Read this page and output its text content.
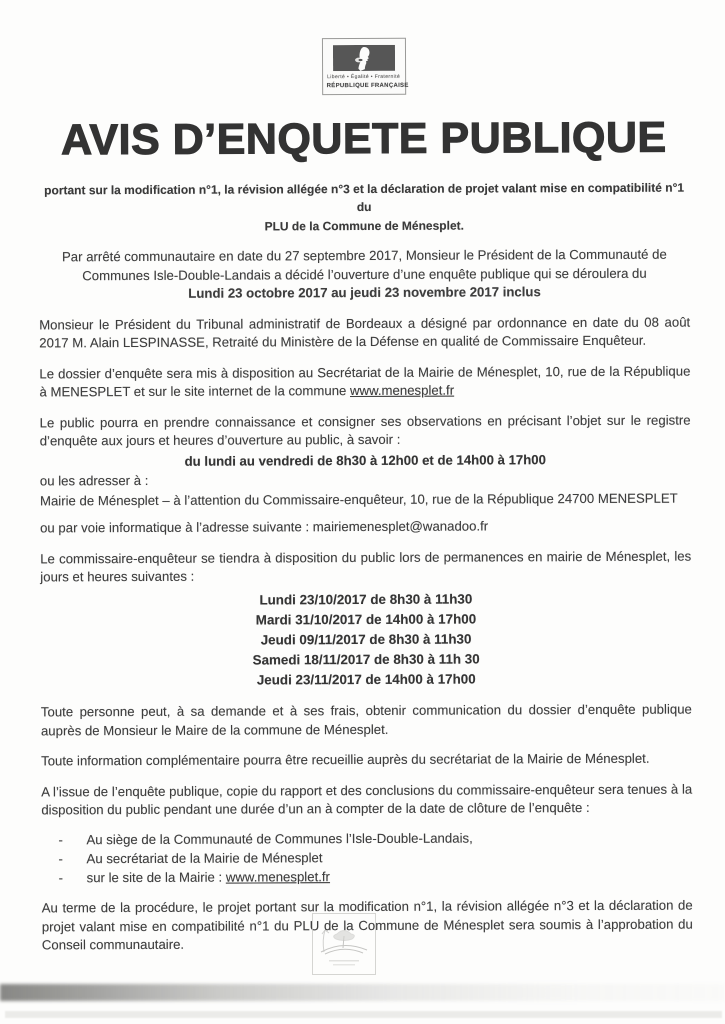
Liberté • Égalité • Fraternité
RÉPUBLIQUE FRANÇAISE
AVIS D’ENQUETE PUBLIQUE
portant sur la modification n°1, la révision allégée n°3 et la déclaration de projet valant mise en compatibilité n°1 du
PLU de la Commune de Ménesplet.

Par arrêté communautaire en date du 27 septembre 2017, Monsieur le Président de la Communauté de Communes Isle-Double-Landais a décidé l’ouverture d’une enquête publique qui se déroulera du
Lundi 23 octobre 2017 au jeudi 23 novembre 2017 inclus

Monsieur le Président du Tribunal administratif de Bordeaux a désigné par ordonnance en date du 08 août 2017 M. Alain LESPINASSE, Retraité du Ministère de la Défense en qualité de Commissaire Enquêteur.

Le dossier d’enquête sera mis à disposition au Secrétariat de la Mairie de Ménesplet, 10, rue de la République à MENESPLET et sur le site internet de la commune www.menesplet.fr

Le public pourra en prendre connaissance et consigner ses observations en précisant l’objet sur le registre d’enquête aux jours et heures d’ouverture au public, à savoir :
du lundi au vendredi de 8h30 à 12h00 et de 14h00 à 17h00
ou les adresser à :
Mairie de Ménesplet – à l’attention du Commissaire-enquêteur, 10, rue de la République 24700 MENESPLET

ou par voie informatique à l’adresse suivante : mairiemenesplet@wanadoo.fr

Le commissaire-enquêteur se tiendra à disposition du public lors de permanences en mairie de Ménesplet, les jours et heures suivantes :

Lundi 23/10/2017 de 8h30 à 11h30
Mardi 31/10/2017 de 14h00 à 17h00
Jeudi 09/11/2017 de 8h30 à 11h30
Samedi 18/11/2017 de 8h30 à 11h 30
Jeudi 23/11/2017 de 14h00 à 17h00

Toute personne peut, à sa demande et à ses frais, obtenir communication du dossier d’enquête publique auprès de Monsieur le Maire de la commune de Ménesplet.

Toute information complémentaire pourra être recueillie auprès du secrétariat de la Mairie de Ménesplet.

A l’issue de l’enquête publique, copie du rapport et des conclusions du commissaire-enquêteur sera tenues à la disposition du public pendant une durée d’un an à compter de la date de clôture de l’enquête :

-	Au siège de la Communauté de Communes l’Isle-Double-Landais,
-	Au secrétariat de la Mairie de Ménesplet
-	sur le site de la Mairie : www.menesplet.fr

Au terme de la procédure, le projet portant sur la modification n°1, la révision allégée n°3 et la déclaration de projet valant mise en compatibilité n°1 du PLU de la Commune de Ménesplet sera soumis à l’approbation du Conseil communautaire.
